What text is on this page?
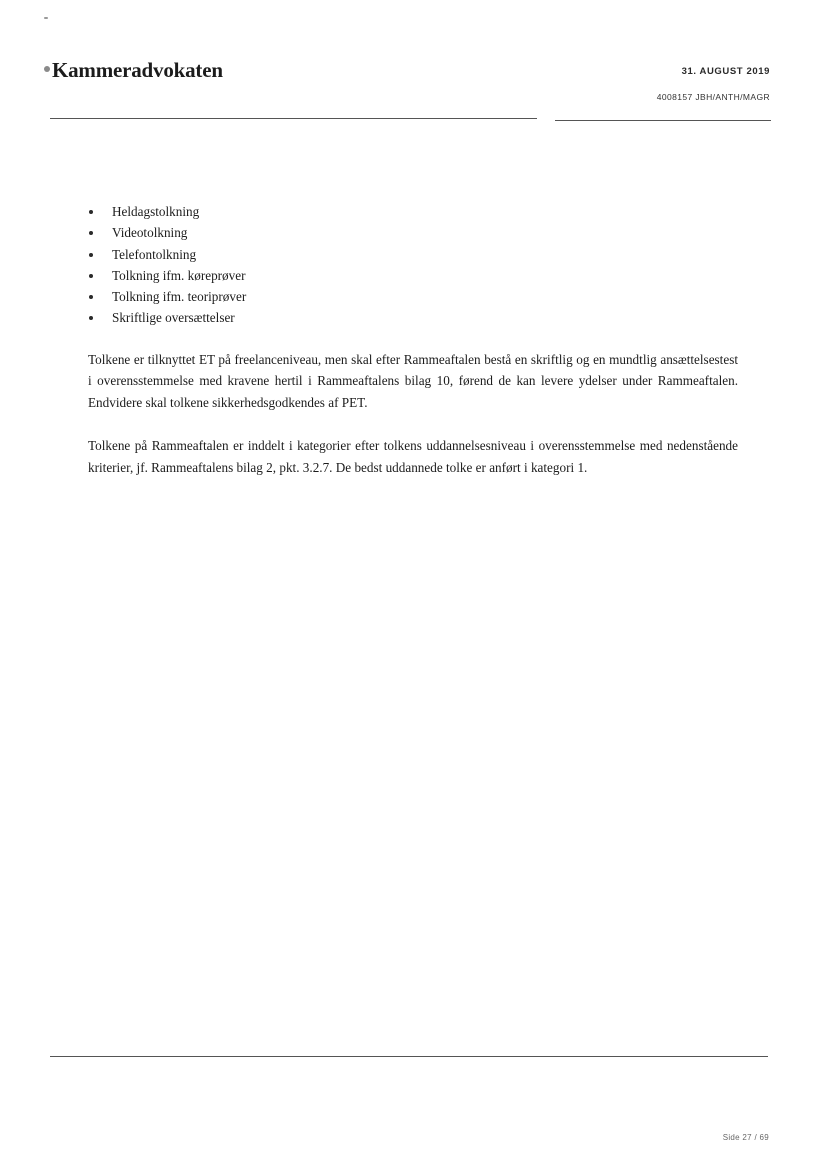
Kammeradvokaten	31. AUGUST 2019
4008157 JBH/ANTH/MAGR
Heldagstolkning
Videotolkning
Telefontolkning
Tolkning ifm. køreprøver
Tolkning ifm. teoriprøver
Skriftlige oversættelser

Tolkene er tilknyttet ET på freelanceniveau, men skal efter Rammeaftalen bestå en skriftlig og en mundtlig ansættelsestest i overensstemmelse med kravene hertil i Rammeaftalens bilag 10, førend de kan levere ydelser under Rammeaftalen. Endvidere skal tolkene sikkerhedsgodkendes af PET.

Tolkene på Rammeaftalen er inddelt i kategorier efter tolkens uddannelsesniveau i overensstemmelse med nedenstående kriterier, jf. Rammeaftalens bilag 2, pkt. 3.2.7. De bedst uddannede tolke er anført i kategori 1.

Side 27 / 69
